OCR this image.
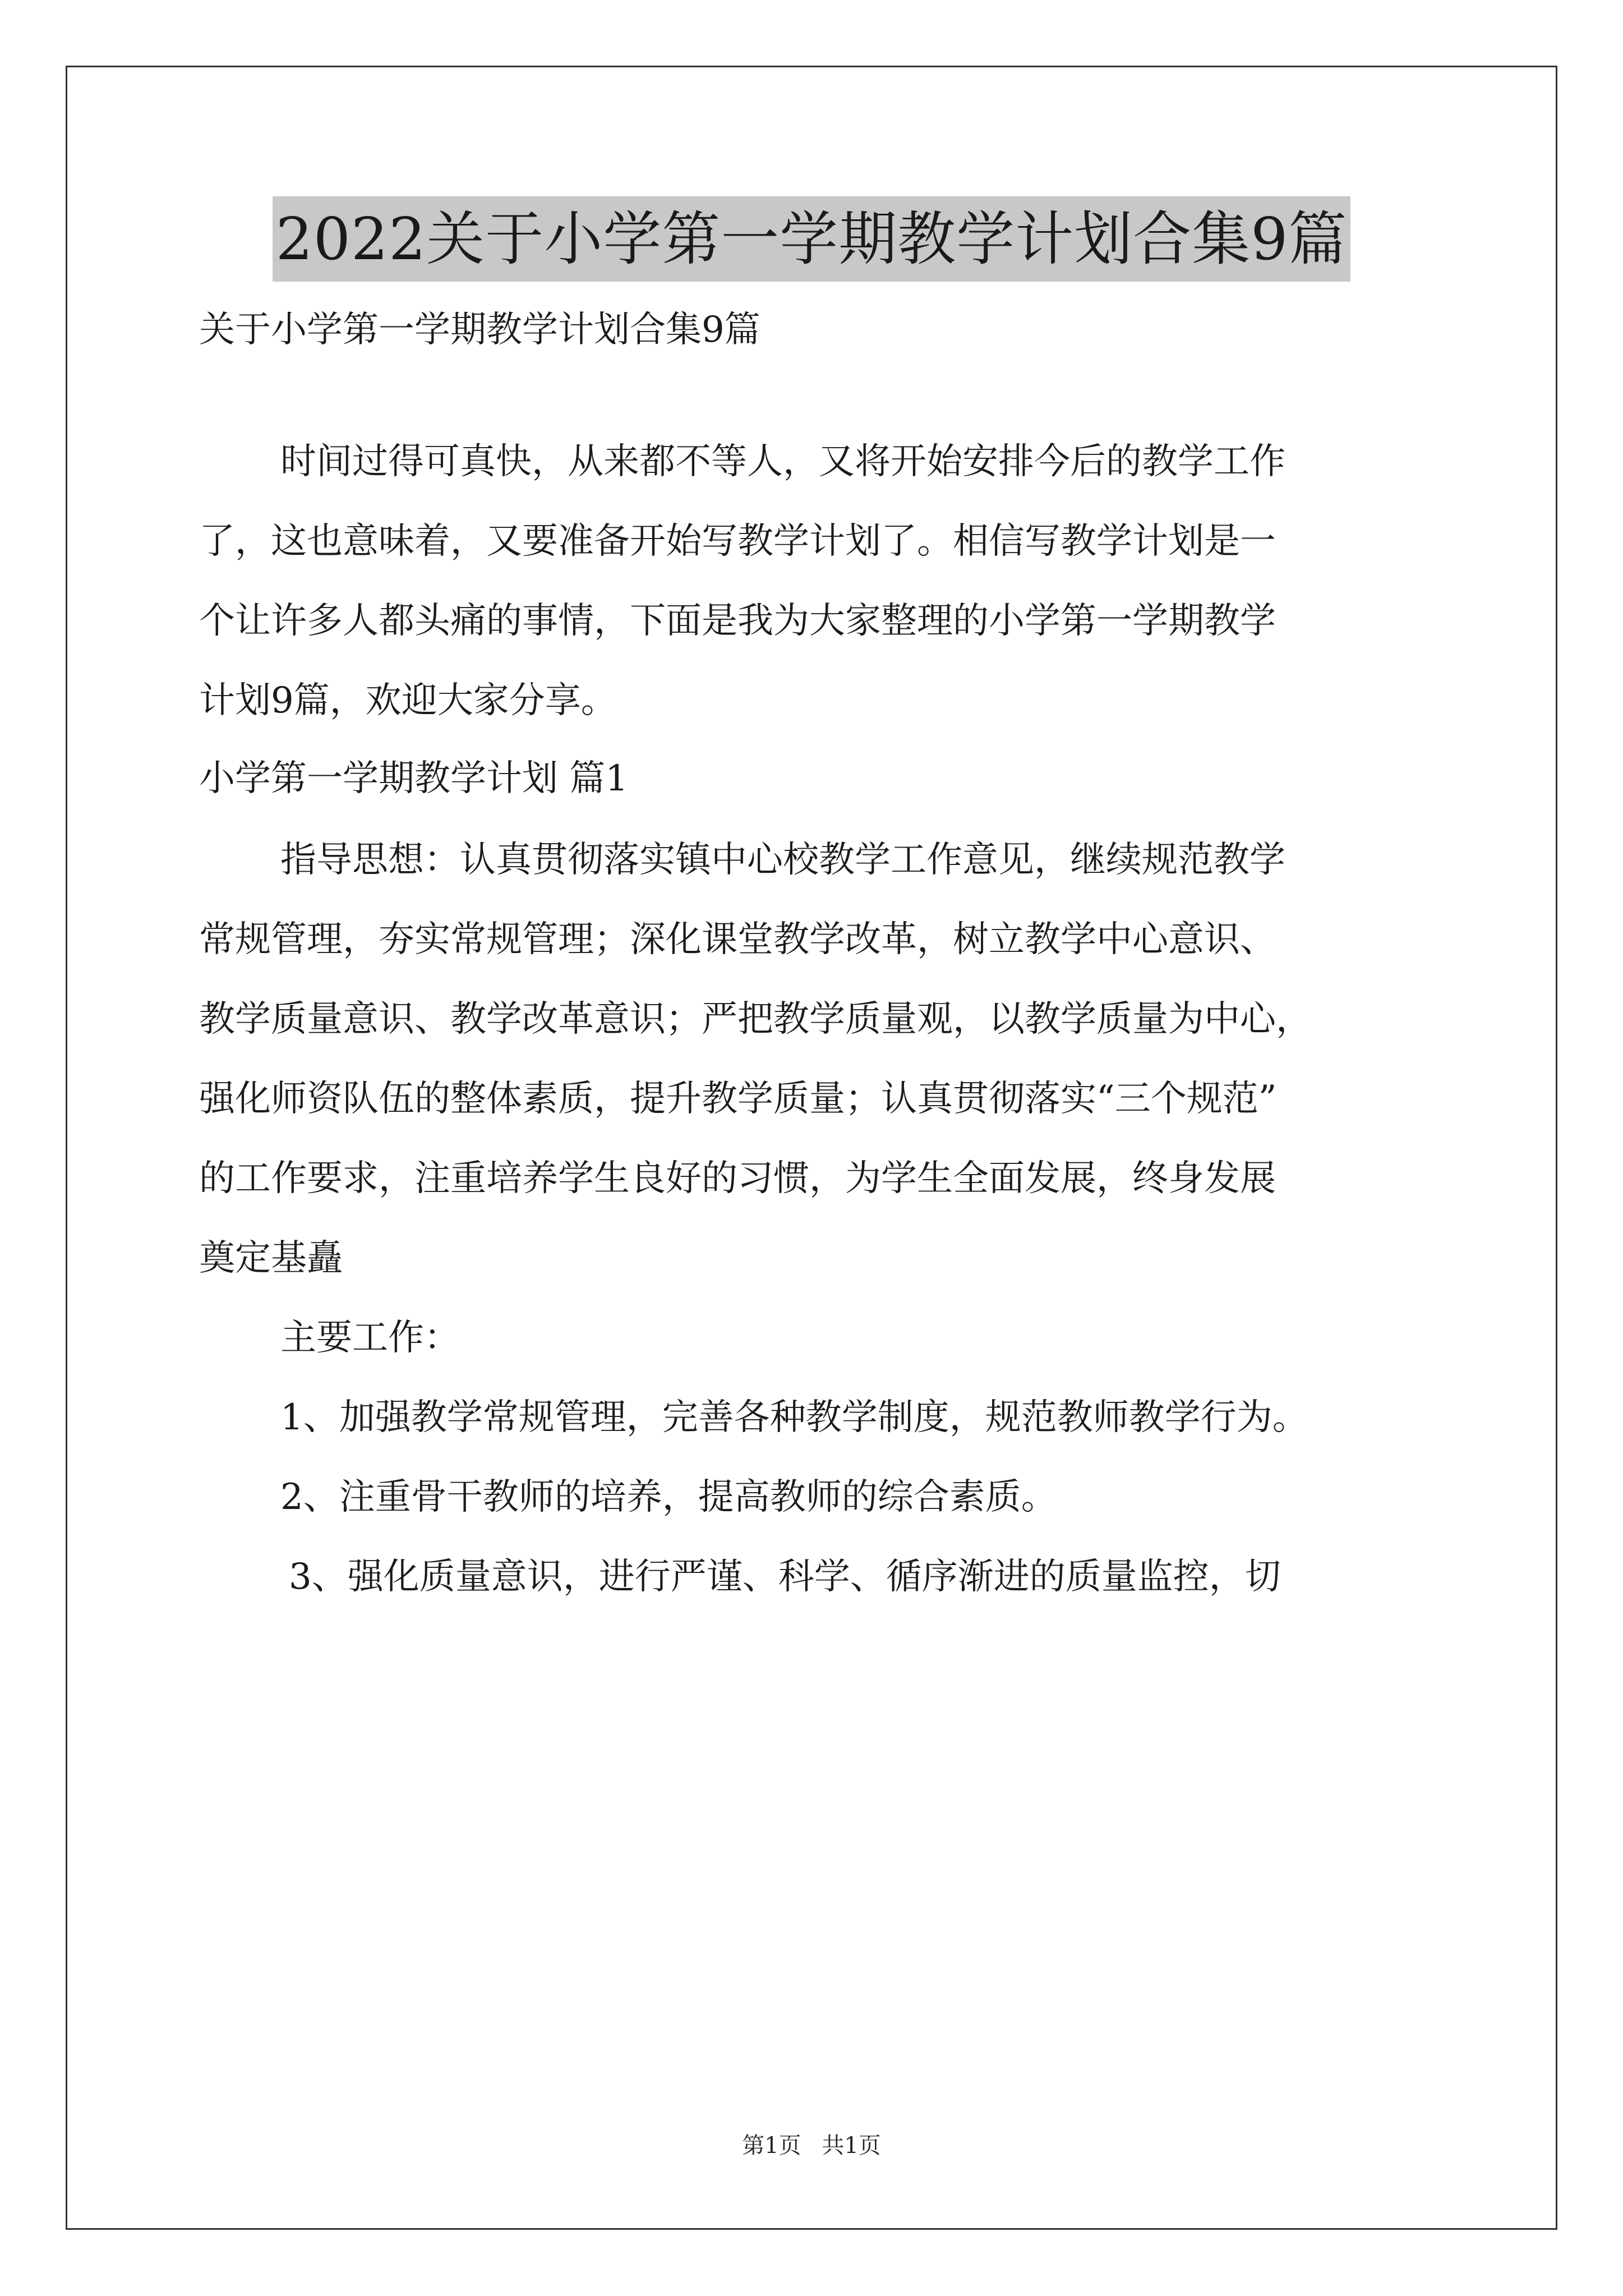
2022关于小学第一学期教学计划合集9篇
关于小学第一学期教学计划合集9篇
时间过得可真快，从来都不等人，又将开始安排今后的教学工作
了，这也意味着，又要准备开始写教学计划了。相信写教学计划是一
个让许多人都头痛的事情，下面是我为大家整理的小学第一学期教学
计划9篇，欢迎大家分享。
小学第一学期教学计划 篇1
指导思想：认真贯彻落实镇中心校教学工作意见，继续规范教学
常规管理，夯实常规管理；深化课堂教学改革，树立教学中心意识、
教学质量意识、教学改革意识；严把教学质量观，以教学质量为中心，
强化师资队伍的整体素质，提升教学质量；认真贯彻落实“三个规范”
的工作要求，注重培养学生良好的习惯，为学生全面发展，终身发展
奠定基矗
主要工作：
1、加强教学常规管理，完善各种教学制度，规范教师教学行为。
2、注重骨干教师的培养，提高教师的综合素质。
3、强化质量意识，进行严谨、科学、循序渐进的质量监控，切
第1页 共1页
